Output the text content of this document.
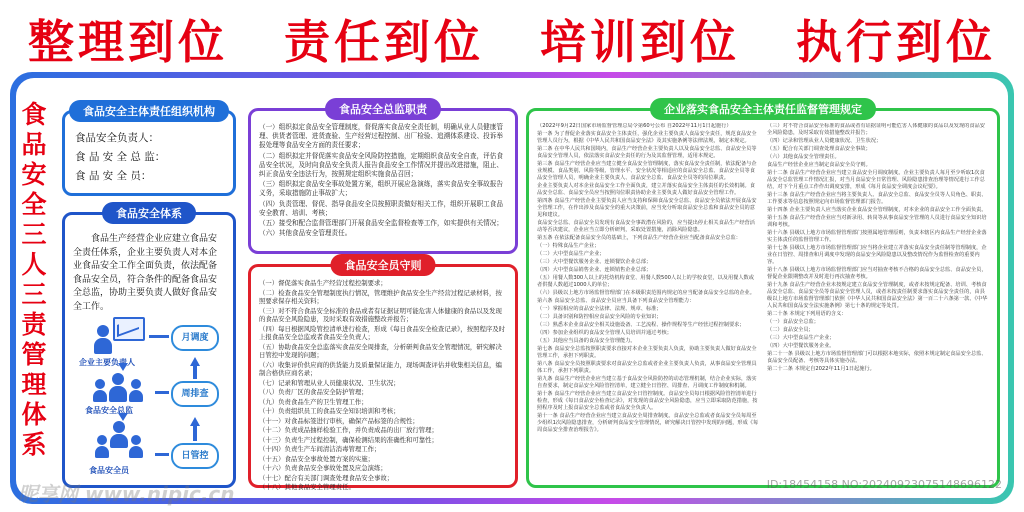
整理到位 责任到位 培训到位 执行到位
食品安全三人三责管理体系
食品安全主体责任组织机构
食品安全负责人：
食 品 安 全 总 监：
食 品 安 全 员：
食品安全体系
食品生产经营企业应建立食品安全责任体系，企业主要负责人对本企业食品安全工作全面负责，依法配备食品安全员，符合条件的配备食品安全总监，协助主要负责人做好食品安全工作。
企业主要负责人
食品安全总监
食品安全员
月调度
周排查
日管控
食品安全总监职责

（一）组织拟定食品安全管理制度，督促落实食品安全责任制，明确从业人员健康管理、供货者管理、进货查验、生产经营过程控制、出厂检验、追溯体系建设、投诉举报处理等食品安全方面的责任要求；

（二）组织拟定并督促落实食品安全风险防控措施，定期组织食品安全自查，评估食品安全状况，及时向食品安全负责人报告食品安全工作情况并提出改进措施，阻止、纠正食品安全违法行为，按照规定组织实施食品召回；

（三）组织拟定食品安全事故处置方案，组织开展应急演练，落实食品安全事故报告义务，采取措施防止事故扩大；

（四）负责管理、督促、指导食品安全员按照职责做好相关工作，组织开展职工食品安全教育、培训、考核；

（五）接受和配合监督管理部门开展食品安全监督检查等工作，如实提供有关情况；

（六）其他食品安全管理责任。

食品安全员守则

（一）督促落实食品生产经营过程控制要求；

（二）检查食品安全管理制度执行情况，管理维护食品安全生产经营过程记录材料，按照要求保存相关资料；

（三）对不符合食品安全标准的食品或者有证据证明可能危害人体健康的食品以及发现的食品安全风险隐患，及时采取有效措施整改并报告；

（四）每日根据风险管控清单进行检查，形成《每日食品安全检查记录》，按照程序及时上报食品安全总监或者食品安全负责人；

（五）协助食品安全总监落实食品安全周排查，分析研判食品安全管理情况，研究解决日管控中发现的问题；

（六）收集评价供应商的供货能力及质量保证能力，现场调查评估并收集相关信息，编制合格供应商名录；

（七）记录和管理从业人员健康状况、卫生状况；

（八）负责厂区的食品安全防护管理；

（九）负责食品生产的卫生管理工作；

（十）负责组织员工的食品安全知识培训和考核；

（十一）对食品标签进行审核，确保产品标签的合规性；

（十二）负责成品抽样检验工作，并负责成品的出厂放行管理；

（十三）负责生产过程控制，确保检测结果的准确性和可靠性；

（十四）负责生产车间清洁消毒管理工作；

（十五）食品安全事故处置方案的实施；

（十六）负责食品安全事故处置及应急演练；

（十七）配合有关部门调查处理食品安全事故；

（十八）其他食品安全管理责任。

企业落实食品安全主体责任监督管理规定

（2022年9月22日国家市场监督管理总局令第60号公布 自2022年11月1日起施行）

第一条 为了督促企业落实食品安全主体责任，强化企业主要负责人食品安全责任，规范食品安全管理人员行为，根据《中华人民共和国食品安全法》及其实施条例等法律法规，制定本规定。

第二条 在中华人民共和国境内，食品生产经营企业主要负责人以及食品安全总监、食品安全员等食品安全管理人员，依法落实食品安全责任的行为及其监督管理，适用本规定。

第三条 食品生产经营企业应当建立健全食品安全管理制度，落实食品安全责任制，依法配备与企业规模、食品类别、风险等级、管理水平、安全状况等相适应的食品安全总监、食品安全员等食品安全管理人员，明确企业主要负责人、食品安全总监、食品安全员等的岗位职责。

企业主要负责人对本企业食品安全工作全面负责，建立并落实食品安全主体责任的长效机制。食品安全总监、食品安全员应当按照岗位职责协助企业主要负责人做好食品安全管理工作。

第四条 食品生产经营企业主要负责人应当支持和保障食品安全总监、食品安全员依法开展食品安全管理工作，在作出涉及食品安全的重大决策前，应当充分听取食品安全总监和食品安全员的意见和建议。

食品安全总监、食品安全员发现有食品安全事故潜在风险的，应当提出停止相关食品生产经营活动等否决建议，企业应当立即分析研判，采取处置措施，消除风险隐患。

第五条 在依法配备食品安全员的基础上，下列食品生产经营企业应当配备食品安全总监：

（一）特殊食品生产企业；

（二）大中型食品生产企业；

（三）大中型餐饮服务企业、连锁餐饮企业总部；

（四）大中型食品销售企业、连锁销售企业总部；

（五）用餐人数300人以上的托幼机构食堂、用餐人数500人以上的学校食堂，以及用餐人数或者供餐人数超过1000人的单位；

（六）县级以上地方市场监督管理部门在本级职责范围内规定的应当配备食品安全总监的企业。

第六条 食品安全总监、食品安全员应当具备下列食品安全管理能力：

（一）掌握相应的食品安全法律、法规、规章、标准；

（二）具备识别和防控相应食品安全风险的专业知识；

（三）熟悉本企业食品安全相关设施设备、工艺流程、操作规程等生产经营过程控制要求；

（四）参加企业组织的食品安全管理人员培训并通过考核；

（五）其他应当具备的食品安全管理能力。

第七条 食品安全总监按照职责要求直接对本企业主要负责人负责，协助主要负责人做好食品安全管理工作，承担下列职责。

第八条 食品安全员按照职责要求对食品安全总监或者企业主要负责人负责，从事食品安全管理具体工作，承担下列职责。

第九条 食品生产经营企业应当建立基于食品安全风险防控的动态管理机制，结合企业实际，落实自查要求，制定食品安全风险管控清单，建立健全日管控、周排查、月调度工作制度和机制。

第十条 食品生产经营企业应当建立食品安全日管控制度。食品安全员每日根据风险管控清单进行检查，形成《每日食品安全检查记录》，对发现的食品安全风险隐患，应当立即采取防范措施，按照程序及时上报食品安全总监或者食品安全负责人。

第十一条 食品生产经营企业应当建立食品安全周排查制度。食品安全总监或者食品安全员每周至少组织1次风险隐患排查，分析研判食品安全管理情况，研究解决日管控中发现的问题，形成《每周食品安全排查治理报告》。

（三）对不符合食品安全标准的食品或者有证据证明可能危害人体健康的食品以及发现的食品安全风险隐患，及时采取有效措施整改并报告；

（四）记录和管理从业人员健康状况、卫生状况；

（五）配合有关部门调查处理食品安全事故；

（六）其他食品安全管理责任。

食品生产经营企业应当制定食品安全员守则。

第十二条 食品生产经营企业应当建立食品安全月调度制度。企业主要负责人每月至少听取1次食品安全总监管理工作情况汇报，对当月食品安全日常管理、风险隐患排查治理等情况进行工作总结，对下个月重点工作作出调度安排，形成《每月食品安全调度会议纪要》。

第十三条 食品生产经营企业应当将主要负责人、食品安全总监、食品安全员等人员角色、职责、工作要求等信息按照规定向市场监督管理部门报告。

第十四条 企业主要负责人应当落实企业食品安全管理制度，对本企业的食品安全工作全面负责。

第十五条 食品生产经营企业应当对新录用、转岗等从事食品安全管理的人员进行食品安全知识培训和考核。

第十六条 县级以上地方市场监督管理部门按照属地管理原则，负责本辖区内食品生产经营企业落实主体责任的监督管理工作。

第十七条 县级以上地方市场监督管理部门应当将企业建立并落实食品安全责任制等管理制度，企业在日管控、周排查和月调度中发现的食品安全风险隐患以及整改情况作为监督检查的重要内容。

第十八条 县级以上地方市场监督管理部门应当对抽查考核不合格的食品安全总监、食品安全员，督促企业限期整改并及时进行再次抽查考核。

第十九条 食品生产经营企业未按规定建立食品安全管理制度，或者未按规定配备、培训、考核食品安全总监、食品安全员等食品安全管理人员，或者未按责任制要求落实食品安全责任的，由县级以上地方市场监督管理部门依照《中华人民共和国食品安全法》第一百二十六条第一款、《中华人民共和国食品安全法实施条例》第七十条的规定等处罚。

第二十条 本规定下列用语的含义：

（一）食品安全总监；

（二）食品安全员；

（三）大中型食品生产企业；

（四）大中型餐饮服务企业。

第二十一条 县级以上地方市场监督管理部门可以根据本地实际，依照本规定制定食品安全总监、食品安全员配备、考核等具体实施办法。

第二十二条 本规定自2022年11月1日起施行。

昵享网 www.nipic.cn	ID:18454158 NO:20240923075148696122
